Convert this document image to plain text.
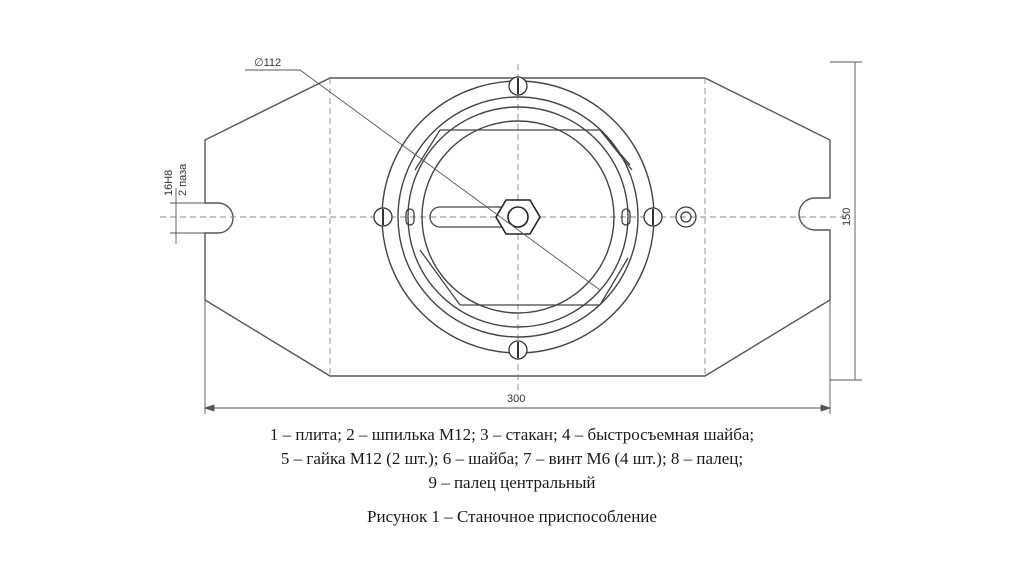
∅112
16H8 2 паза
150
300
1 – плита; 2 – шпилька М12; 3 – стакан; 4 – быстросъемная шайба;
5 – гайка М12 (2 шт.); 6 – шайба; 7 – винт М6 (4 шт.); 8 – палец;
9 – палец центральный
Рисунок 1 – Станочное приспособление
